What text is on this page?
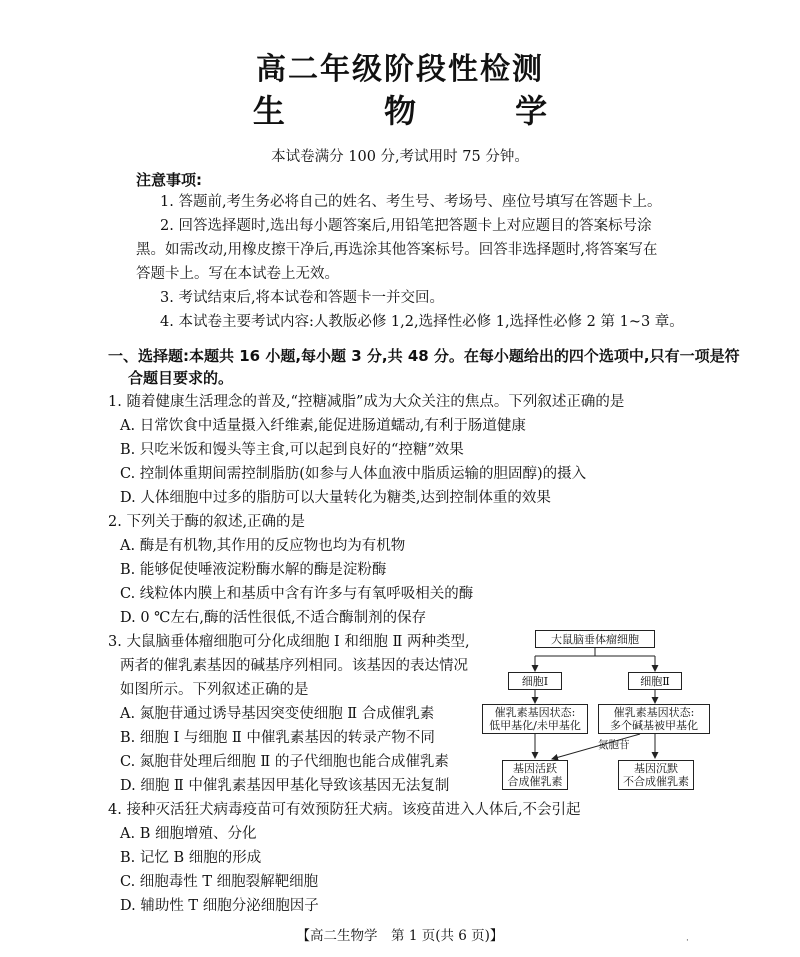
高二年级阶段性检测
生 物 学
本试卷满分 100 分,考试用时 75 分钟。
注意事项:
1. 答题前,考生务必将自己的姓名、考生号、考场号、座位号填写在答题卡上。
2. 回答选择题时,选出每小题答案后,用铅笔把答题卡上对应题目的答案标号涂
黑。如需改动,用橡皮擦干净后,再选涂其他答案标号。回答非选择题时,将答案写在
答题卡上。写在本试卷上无效。
3. 考试结束后,将本试卷和答题卡一并交回。
4. 本试卷主要考试内容:人教版必修 1,2,选择性必修 1,选择性必修 2 第 1~3 章。
一、选择题:本题共 16 小题,每小题 3 分,共 48 分。在每小题给出的四个选项中,只有一项是符
合题目要求的。
1. 随着健康生活理念的普及,“控糖减脂”成为大众关注的焦点。下列叙述正确的是
A. 日常饮食中适量摄入纤维素,能促进肠道蠕动,有利于肠道健康
B. 只吃米饭和馒头等主食,可以起到良好的“控糖”效果
C. 控制体重期间需控制脂肪(如参与人体血液中脂质运输的胆固醇)的摄入
D. 人体细胞中过多的脂肪可以大量转化为糖类,达到控制体重的效果
2. 下列关于酶的叙述,正确的是
A. 酶是有机物,其作用的反应物也均为有机物
B. 能够促使唾液淀粉酶水解的酶是淀粉酶
C. 线粒体内膜上和基质中含有许多与有氧呼吸相关的酶
D. 0 ℃左右,酶的活性很低,不适合酶制剂的保存
3. 大鼠脑垂体瘤细胞可分化成细胞 Ⅰ 和细胞 Ⅱ 两种类型,
两者的催乳素基因的碱基序列相同。该基因的表达情况
如图所示。下列叙述正确的是
A. 氮胞苷通过诱导基因突变使细胞 Ⅱ 合成催乳素
B. 细胞 Ⅰ 与细胞 Ⅱ 中催乳素基因的转录产物不同
C. 氮胞苷处理后细胞 Ⅱ 的子代细胞也能合成催乳素
D. 细胞 Ⅱ 中催乳素基因甲基化导致该基因无法复制
大鼠脑垂体瘤细胞
细胞Ⅰ	细胞Ⅱ
催乳素基因状态:
低甲基化/未甲基化
催乳素基因状态:
多个碱基被甲基化
氮胞苷
基因活跃
合成催乳素
基因沉默
不合成催乳素
4. 接种灭活狂犬病毒疫苗可有效预防狂犬病。该疫苗进入人体后,不会引起
A. B 细胞增殖、分化
B. 记忆 B 细胞的形成
C. 细胞毒性 T 细胞裂解靶细胞
D. 辅助性 T 细胞分泌细胞因子
【高二生物学　第 1 页(共 6 页)】	·
